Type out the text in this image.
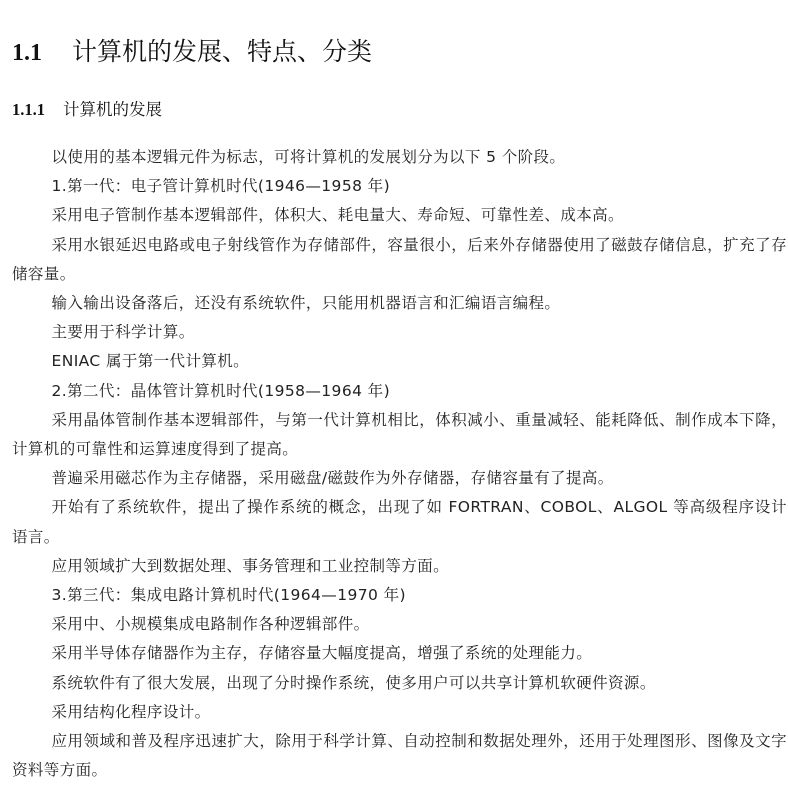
1.1 计算机的发展、特点、分类
1.1.1 计算机的发展

以使用的基本逻辑元件为标志，可将计算机的发展划分为以下 5 个阶段。

1.第一代：电子管计算机时代(1946—1958 年)

采用电子管制作基本逻辑部件，体积大、耗电量大、寿命短、可靠性差、成本高。

采用水银延迟电路或电子射线管作为存储部件，容量很小，后来外存储器使用了磁鼓存储信息，扩充了存储容量。

输入输出设备落后，还没有系统软件，只能用机器语言和汇编语言编程。

主要用于科学计算。

ENIAC 属于第一代计算机。

2.第二代：晶体管计算机时代(1958—1964 年)

采用晶体管制作基本逻辑部件，与第一代计算机相比，体积减小、重量减轻、能耗降低、制作成本下降，计算机的可靠性和运算速度得到了提高。

普遍采用磁芯作为主存储器，采用磁盘/磁鼓作为外存储器，存储容量有了提高。

开始有了系统软件，提出了操作系统的概念，出现了如 FORTRAN、COBOL、ALGOL 等高级程序设计语言。

应用领域扩大到数据处理、事务管理和工业控制等方面。

3.第三代：集成电路计算机时代(1964—1970 年)

采用中、小规模集成电路制作各种逻辑部件。

采用半导体存储器作为主存，存储容量大幅度提高，增强了系统的处理能力。

系统软件有了很大发展，出现了分时操作系统，使多用户可以共享计算机软硬件资源。

采用结构化程序设计。

应用领域和普及程序迅速扩大，除用于科学计算、自动控制和数据处理外，还用于处理图形、图像及文字资料等方面。
